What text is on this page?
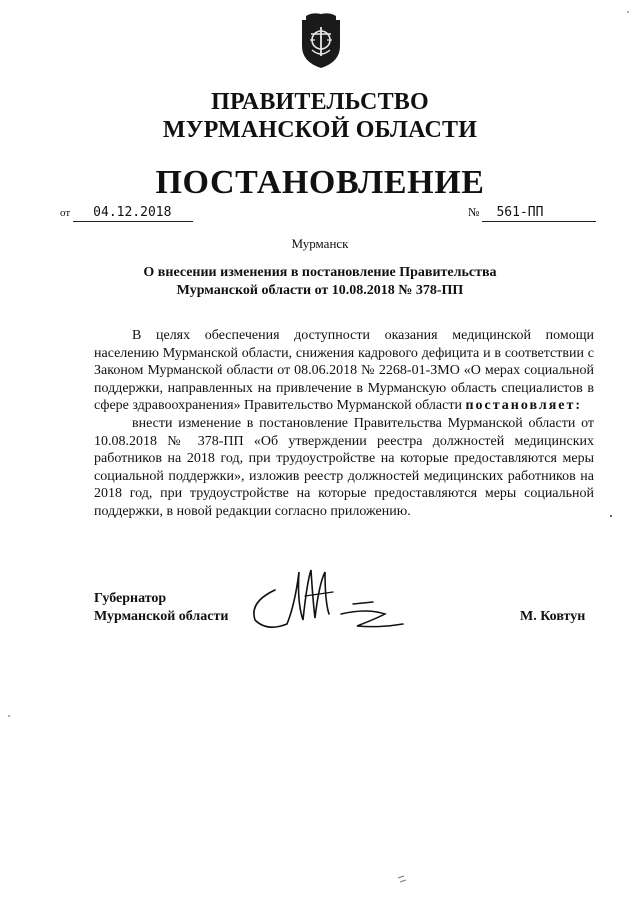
ПРАВИТЕЛЬСТВО
МУРМАНСКОЙ ОБЛАСТИ
ПОСТАНОВЛЕНИЕ
от 04.12.2018	№ 561-ПП
Мурманск
О внесении изменения в постановление Правительства
Мурманской области от 10.08.2018 № 378-ПП

В целях обеспечения доступности оказания медицинской помощи населению Мурманской области, снижения кадрового дефицита и в соответствии с Законом Мурманской области от 08.06.2018 № 2268-01-ЗМО «О мерах социальной поддержки, направленных на привлечение в Мурманскую область специалистов в сфере здравоохранения» Правительство Мурманской области постановляет:

внести изменение в постановление Правительства Мурманской области от 10.08.2018 № 378-ПП «Об утверждении реестра должностей медицинских работников на 2018 год, при трудоустройстве на которые предоставляются меры социальной поддержки», изложив реестр должностей медицинских работников на 2018 год, при трудоустройстве на которые предоставляются меры социальной поддержки, в новой редакции согласно приложению.

Губернатор
Мурманской области	М. Ковтун
